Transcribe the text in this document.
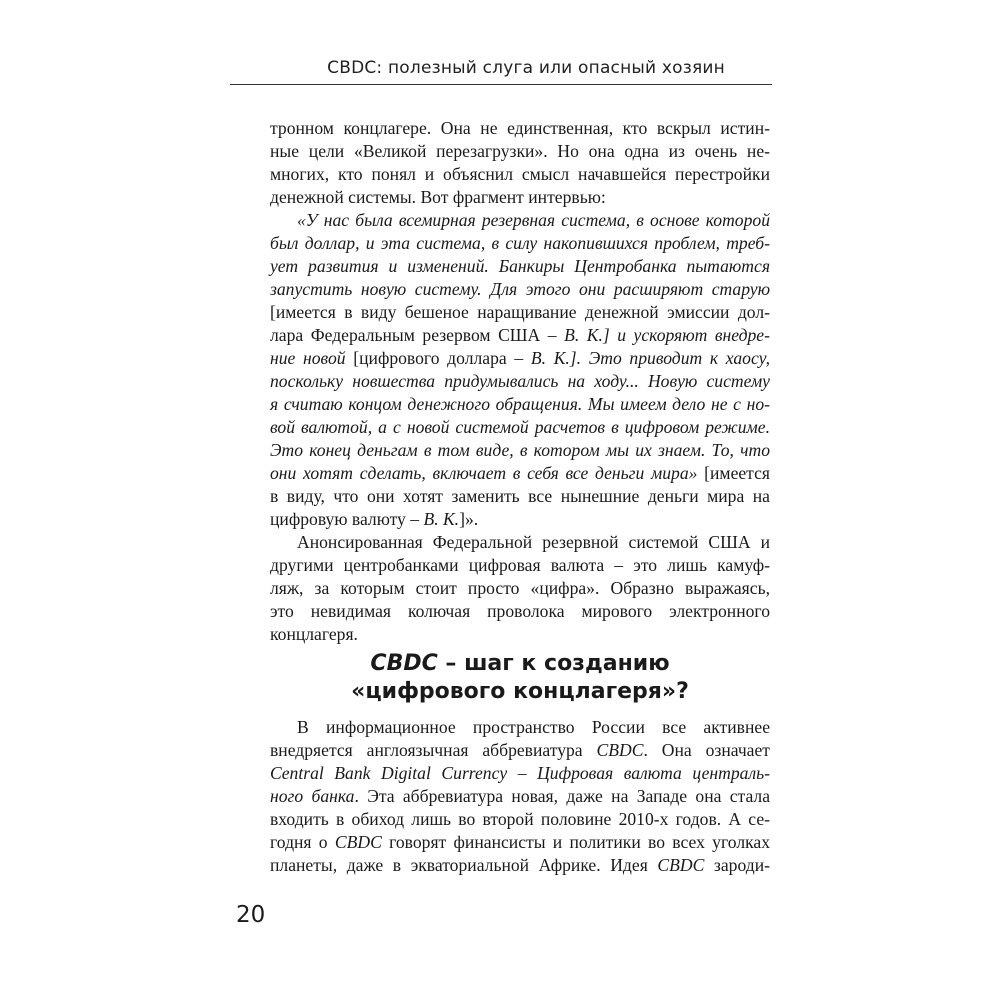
CBDC: полезный слуга или опасный хозяин
тронном концлагере. Она не единственная, кто вскрыл истин-
ные цели «Великой перезагрузки». Но она одна из очень не-
многих, кто понял и объяснил смысл начавшейся перестройки
денежной системы. Вот фрагмент интервью:
«У нас была всемирная резервная система, в основе которой
был доллар, и эта система, в силу накопившихся проблем, треб-
ует развития и изменений. Банкиры Центробанка пытаются
запустить новую систему. Для этого они расширяют старую
[имеется в виду бешеное наращивание денежной эмиссии дол-
лара Федеральным резервом США – В. К.] и ускоряют внедре-
ние новой [цифрового доллара – В. К.]. Это приводит к хаосу,
поскольку новшества придумывались на ходу... Новую систему
я считаю концом денежного обращения. Мы имеем дело не с но-
вой валютой, а с новой системой расчетов в цифровом режиме.
Это конец деньгам в том виде, в котором мы их знаем. То, что
они хотят сделать, включает в себя все деньги мира» [имеется
в виду, что они хотят заменить все нынешние деньги мира на
цифровую валюту – В. К.]».
Анонсированная Федеральной резервной системой США и
другими центробанками цифровая валюта – это лишь камуф-
ляж, за которым стоит просто «цифра». Образно выражаясь,
это невидимая колючая проволока мирового электронного
концлагеря.
CBDC – шаг к созданию
«цифрового концлагеря»?
В информационное пространство России все активнее
внедряется англоязычная аббревиатура CBDC. Она означает
Central Bank Digital Currency – Цифровая валюта централь-
ного банка. Эта аббревиатура новая, даже на Западе она стала
входить в обиход лишь во второй половине 2010-х годов. А се-
годня о CBDC говорят финансисты и политики во всех уголках
планеты, даже в экваториальной Африке. Идея CBDC зароди-
20
